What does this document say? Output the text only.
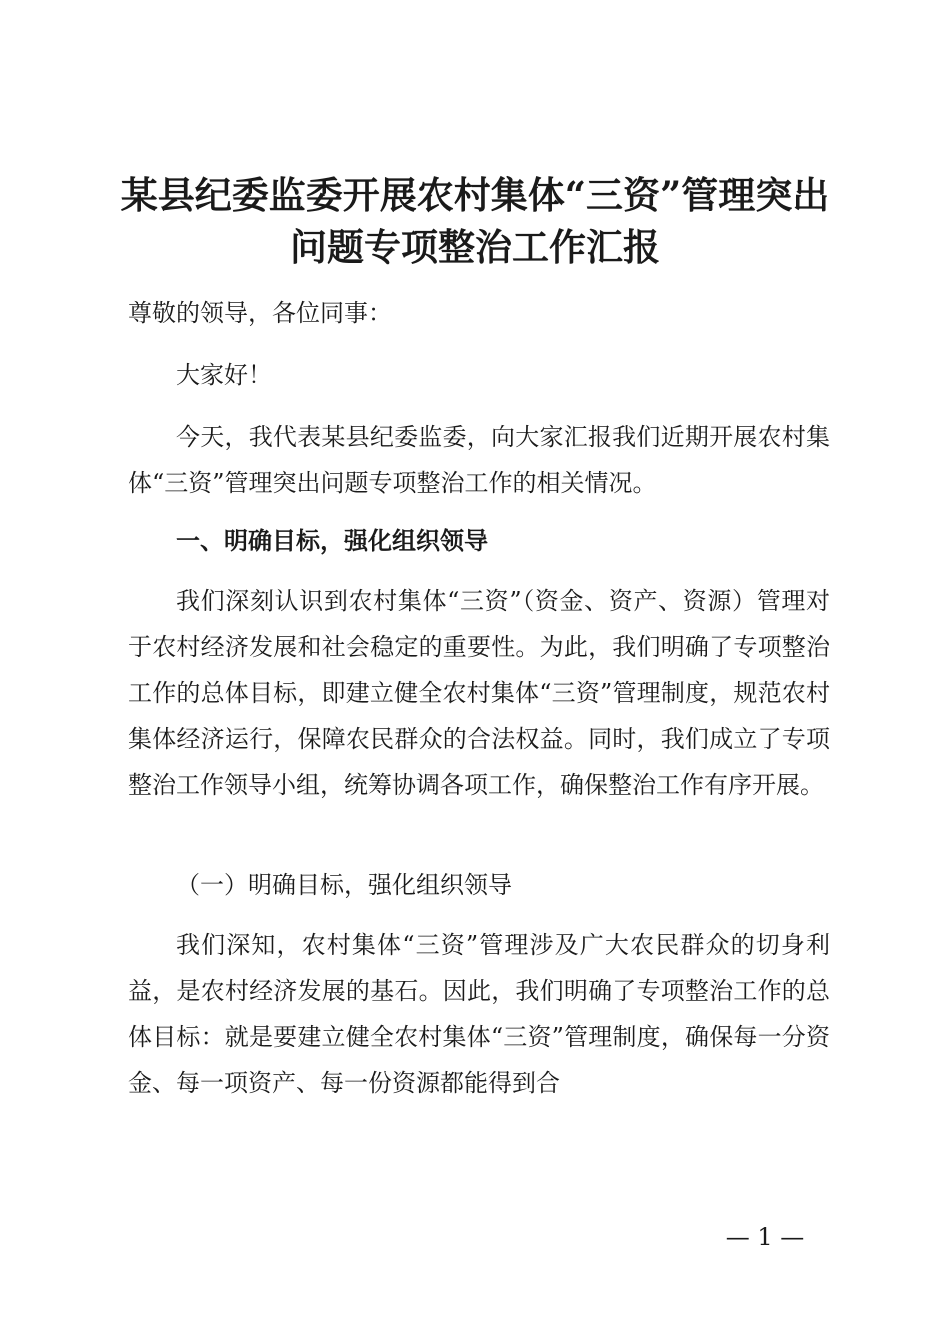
某县纪委监委开展农村集体“三资”管理突出
问题专项整治工作汇报

尊敬的领导，各位同事：

大家好！

今天，我代表某县纪委监委，向大家汇报我们近期开展农村集体“三资”管理突出问题专项整治工作的相关情况。

一、明确目标，强化组织领导

我们深刻认识到农村集体“三资”（资金、资产、资源）管理对于农村经济发展和社会稳定的重要性。为此，我们明确了专项整治工作的总体目标，即建立健全农村集体“三资”管理制度，规范农村集体经济运行，保障农民群众的合法权益。同时，我们成立了专项整治工作领导小组，统筹协调各项工作，确保整治工作有序开展。

（一）明确目标，强化组织领导

我们深知，农村集体“三资”管理涉及广大农民群众的切身利益，是农村经济发展的基石。因此，我们明确了专项整治工作的总体目标：就是要建立健全农村集体“三资”管理制度，确保每一分资金、每一项资产、每一份资源都能得到合

— 1 —
